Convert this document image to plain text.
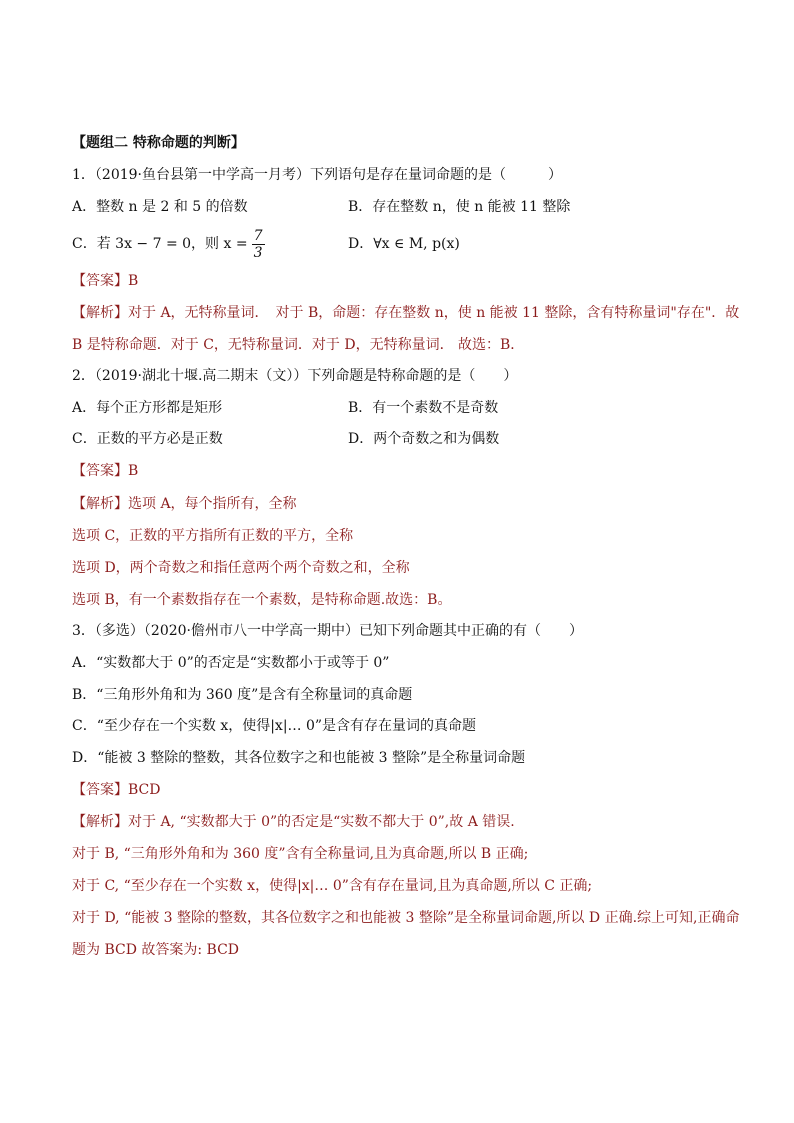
【题组二 特称命题的判断】
1．（2019·鱼台县第一中学高一月考）下列语句是存在量词命题的是（　　　）
A．整数 n 是 2 和 5 的倍数	B．存在整数 n，使 n 能被 11 整除
C．若 3x − 7 = 0，则 $x = \frac{7}{3}$	D．∀x ∈ M, p(x)
【答案】B
【解析】对于 A，无特称量词．　对于 B，命题：存在整数 n，使 n 能被 11 整除，含有特称量词"存在"．故
B 是特称命题．对于 C，无特称量词．对于 D，无特称量词． 故选：B．
2．（2019·湖北十堰.高二期末（文））下列命题是特称命题的是（　　）
A．每个正方形都是矩形	B．有一个素数不是奇数
C．正数的平方必是正数	D．两个奇数之和为偶数
【答案】B
【解析】选项 A，每个指所有，全称
选项 C，正数的平方指所有正数的平方，全称
选项 D，两个奇数之和指任意两个两个奇数之和，全称
选项 B，有一个素数指存在一个素数，是特称命题.故选：B。
3．（多选）（2020·儋州市八一中学高一期中）已知下列命题其中正确的有（　　）
A．“实数都大于 0”的否定是“实数都小于或等于 0”
B．“三角形外角和为 360 度”是含有全称量词的真命题
C．“至少存在一个实数 x，使得|x|… 0”是含有存在量词的真命题
D．“能被 3 整除的整数，其各位数字之和也能被 3 整除”是全称量词命题
【答案】BCD
【解析】对于 A, “实数都大于 0”的否定是“实数不都大于 0”,故 A 错误.
对于 B, “三角形外角和为 360 度”含有全称量词,且为真命题,所以 B 正确;
对于 C, “至少存在一个实数 x，使得|x|… 0”含有存在量词,且为真命题,所以 C 正确;
对于 D, “能被 3 整除的整数，其各位数字之和也能被 3 整除”是全称量词命题,所以 D 正确.综上可知,正确命
题为 BCD 故答案为: BCD
